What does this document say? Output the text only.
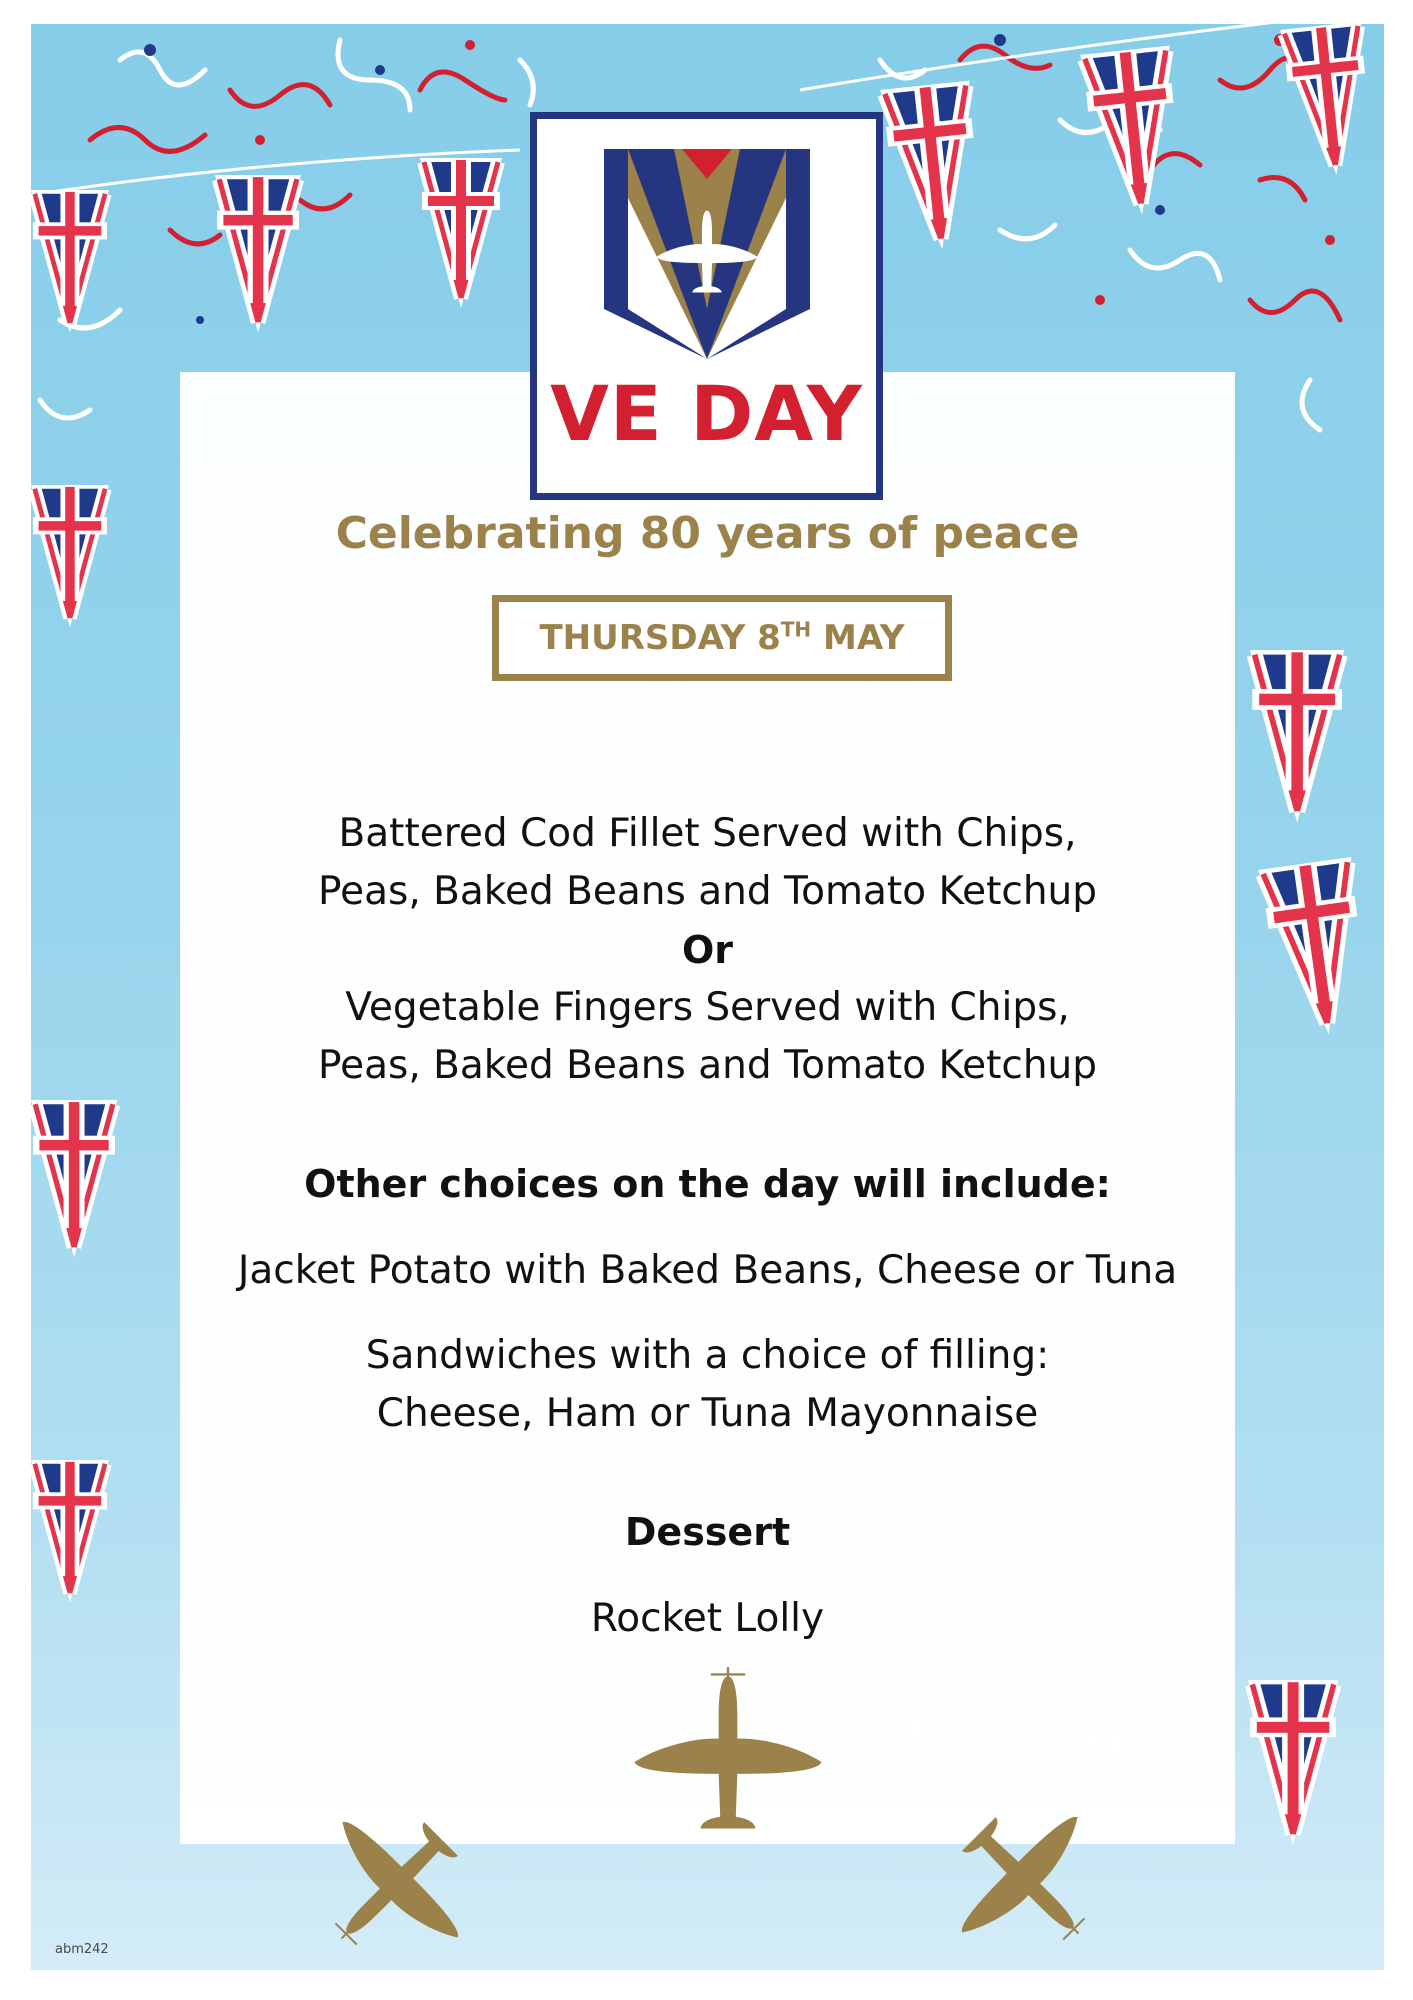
VE DAY
Celebrating 80 years of peace
THURSDAY 8TH MAY
Battered Cod Fillet Served with Chips,
Peas, Baked Beans and Tomato Ketchup
Or
Vegetable Fingers Served with Chips,
Peas, Baked Beans and Tomato Ketchup
Other choices on the day will include:
Jacket Potato with Baked Beans, Cheese or Tuna
Sandwiches with a choice of filling:
Cheese, Ham or Tuna Mayonnaise
Dessert
Rocket Lolly
abm242
